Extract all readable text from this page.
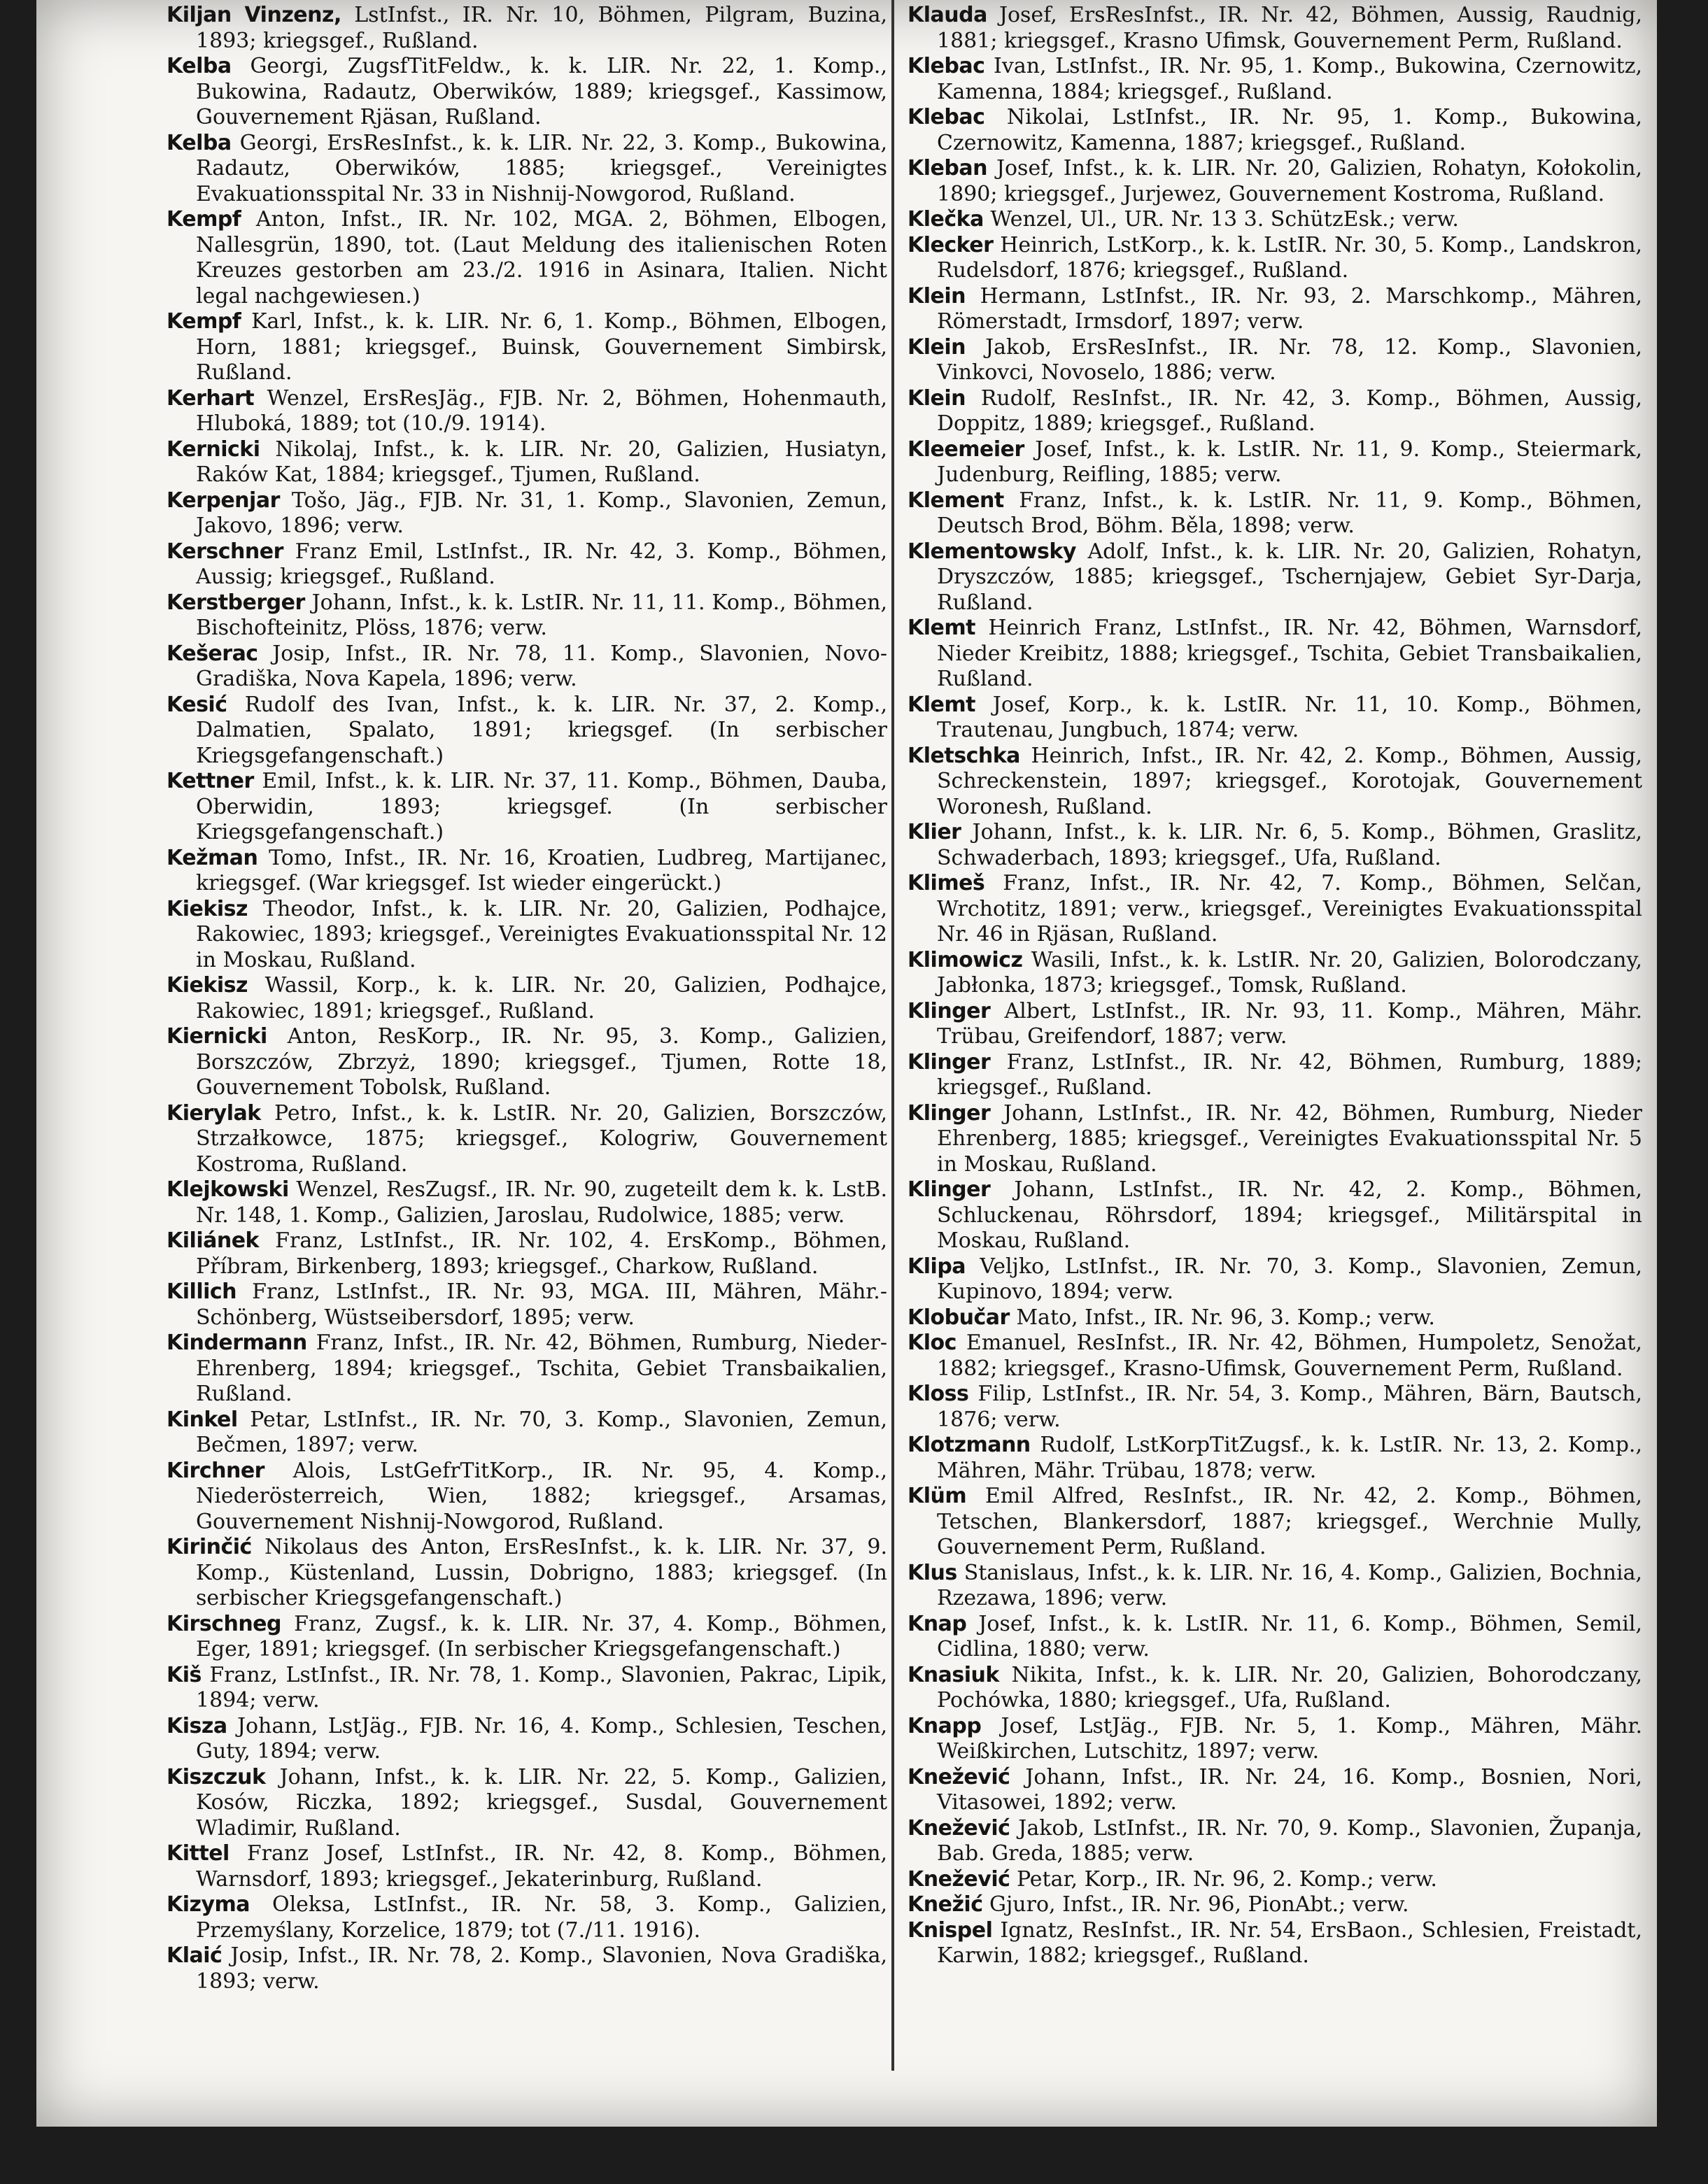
Kiljan Vinzenz, LstInfst., IR. Nr. 10, Böhmen, Pilgram, Buzina, 1893; kriegsgef., Rußland.

Kelba Georgi, ZugsfTitFeldw., k. k. LIR. Nr. 22, 1. Komp., Bukowina, Radautz, Oberwików, 1889; kriegsgef., Kassimow, Gouvernement Rjäsan, Rußland.

Kelba Georgi, ErsResInfst., k. k. LIR. Nr. 22, 3. Komp., Bukowina, Radautz, Oberwików, 1885; kriegsgef., Vereinigtes Evakuationsspital Nr. 33 in Nishnij-Nowgorod, Rußland.

Kempf Anton, Infst., IR. Nr. 102, MGA. 2, Böhmen, Elbogen, Nallesgrün, 1890, tot. (Laut Meldung des italienischen Roten Kreuzes gestorben am 23./2. 1916 in Asinara, Italien. Nicht legal nachgewiesen.)

Kempf Karl, Infst., k. k. LIR. Nr. 6, 1. Komp., Böhmen, Elbogen, Horn, 1881; kriegsgef., Buinsk, Gouvernement Simbirsk, Rußland.

Kerhart Wenzel, ErsResJäg., FJB. Nr. 2, Böhmen, Hohenmauth, Hluboká, 1889; tot (10./9. 1914).

Kernicki Nikolaj, Infst., k. k. LIR. Nr. 20, Galizien, Husiatyn, Raków Kat, 1884; kriegsgef., Tjumen, Rußland.

Kerpenjar Tošo, Jäg., FJB. Nr. 31, 1. Komp., Slavonien, Zemun, Jakovo, 1896; verw.

Kerschner Franz Emil, LstInfst., IR. Nr. 42, 3. Komp., Böhmen, Aussig; kriegsgef., Rußland.

Kerstberger Johann, Infst., k. k. LstIR. Nr. 11, 11. Komp., Böhmen, Bischofteinitz, Plöss, 1876; verw.

Kešerac Josip, Infst., IR. Nr. 78, 11. Komp., Slavonien, Novo-Gradiška, Nova Kapela, 1896; verw.

Kesić Rudolf des Ivan, Infst., k. k. LIR. Nr. 37, 2. Komp., Dalmatien, Spalato, 1891; kriegsgef. (In serbischer Kriegsgefangenschaft.)

Kettner Emil, Infst., k. k. LIR. Nr. 37, 11. Komp., Böhmen, Dauba, Oberwidin, 1893; kriegsgef. (In serbischer Kriegsgefangenschaft.)

Kežman Tomo, Infst., IR. Nr. 16, Kroatien, Ludbreg, Martijanec, kriegsgef. (War kriegsgef. Ist wieder eingerückt.)

Kiekisz Theodor, Infst., k. k. LIR. Nr. 20, Galizien, Podhajce, Rakowiec, 1893; kriegsgef., Vereinigtes Evakuationsspital Nr. 12 in Moskau, Rußland.

Kiekisz Wassil, Korp., k. k. LIR. Nr. 20, Galizien, Podhajce, Rakowiec, 1891; kriegsgef., Rußland.

Kiernicki Anton, ResKorp., IR. Nr. 95, 3. Komp., Galizien, Borszczów, Zbrzyż, 1890; kriegsgef., Tjumen, Rotte 18, Gouvernement Tobolsk, Rußland.

Kierylak Petro, Infst., k. k. LstIR. Nr. 20, Galizien, Borszczów, Strzałkowce, 1875; kriegsgef., Kologriw, Gouvernement Kostroma, Rußland.

Klejkowski Wenzel, ResZugsf., IR. Nr. 90, zugeteilt dem k. k. LstB. Nr. 148, 1. Komp., Galizien, Jaroslau, Rudolwice, 1885; verw.

Kiliánek Franz, LstInfst., IR. Nr. 102, 4. ErsKomp., Böhmen, Příbram, Birkenberg, 1893; kriegsgef., Charkow, Rußland.

Killich Franz, LstInfst., IR. Nr. 93, MGA. III, Mähren, Mähr.-Schönberg, Wüstseibersdorf, 1895; verw.

Kindermann Franz, Infst., IR. Nr. 42, Böhmen, Rumburg, Nieder-Ehrenberg, 1894; kriegsgef., Tschita, Gebiet Transbaikalien, Rußland.

Kinkel Petar, LstInfst., IR. Nr. 70, 3. Komp., Slavonien, Zemun, Bečmen, 1897; verw.

Kirchner Alois, LstGefrTitKorp., IR. Nr. 95, 4. Komp., Niederösterreich, Wien, 1882; kriegsgef., Arsamas, Gouvernement Nishnij-Nowgorod, Rußland.

Kirinčić Nikolaus des Anton, ErsResInfst., k. k. LIR. Nr. 37, 9. Komp., Küstenland, Lussin, Dobrigno, 1883; kriegsgef. (In serbischer Kriegsgefangenschaft.)

Kirschneg Franz, Zugsf., k. k. LIR. Nr. 37, 4. Komp., Böhmen, Eger, 1891; kriegsgef. (In serbischer Kriegsgefangenschaft.)

Kiš Franz, LstInfst., IR. Nr. 78, 1. Komp., Slavonien, Pakrac, Lipik, 1894; verw.

Kisza Johann, LstJäg., FJB. Nr. 16, 4. Komp., Schlesien, Teschen, Guty, 1894; verw.

Kiszczuk Johann, Infst., k. k. LIR. Nr. 22, 5. Komp., Galizien, Kosów, Riczka, 1892; kriegsgef., Susdal, Gouvernement Wladimir, Rußland.

Kittel Franz Josef, LstInfst., IR. Nr. 42, 8. Komp., Böhmen, Warnsdorf, 1893; kriegsgef., Jekaterinburg, Rußland.

Kizyma Oleksa, LstInfst., IR. Nr. 58, 3. Komp., Galizien, Przemyślany, Korzelice, 1879; tot (7./11. 1916).

Klaić Josip, Infst., IR. Nr. 78, 2. Komp., Slavonien, Nova Gradiška, 1893; verw.

Klauda Josef, ErsResInfst., IR. Nr. 42, Böhmen, Aussig, Raudnig, 1881; kriegsgef., Krasno Ufimsk, Gouvernement Perm, Rußland.

Klebac Ivan, LstInfst., IR. Nr. 95, 1. Komp., Bukowina, Czernowitz, Kamenna, 1884; kriegsgef., Rußland.

Klebac Nikolai, LstInfst., IR. Nr. 95, 1. Komp., Bukowina, Czernowitz, Kamenna, 1887; kriegsgef., Rußland.

Kleban Josef, Infst., k. k. LIR. Nr. 20, Galizien, Rohatyn, Kołokolin, 1890; kriegsgef., Jurjewez, Gouvernement Kostroma, Rußland.

Klečka Wenzel, Ul., UR. Nr. 13 3. SchützEsk.; verw.

Klecker Heinrich, LstKorp., k. k. LstIR. Nr. 30, 5. Komp., Landskron, Rudelsdorf, 1876; kriegsgef., Rußland.

Klein Hermann, LstInfst., IR. Nr. 93, 2. Marschkomp., Mähren, Römerstadt, Irmsdorf, 1897; verw.

Klein Jakob, ErsResInfst., IR. Nr. 78, 12. Komp., Slavonien, Vinkovci, Novoselo, 1886; verw.

Klein Rudolf, ResInfst., IR. Nr. 42, 3. Komp., Böhmen, Aussig, Doppitz, 1889; kriegsgef., Rußland.

Kleemeier Josef, Infst., k. k. LstIR. Nr. 11, 9. Komp., Steiermark, Judenburg, Reifling, 1885; verw.

Klement Franz, Infst., k. k. LstIR. Nr. 11, 9. Komp., Böhmen, Deutsch Brod, Böhm. Běla, 1898; verw.

Klementowsky Adolf, Infst., k. k. LIR. Nr. 20, Galizien, Rohatyn, Dryszczów, 1885; kriegsgef., Tschernjajew, Gebiet Syr-Darja, Rußland.

Klemt Heinrich Franz, LstInfst., IR. Nr. 42, Böhmen, Warnsdorf, Nieder Kreibitz, 1888; kriegsgef., Tschita, Gebiet Transbaikalien, Rußland.

Klemt Josef, Korp., k. k. LstIR. Nr. 11, 10. Komp., Böhmen, Trautenau, Jungbuch, 1874; verw.

Kletschka Heinrich, Infst., IR. Nr. 42, 2. Komp., Böhmen, Aussig, Schreckenstein, 1897; kriegsgef., Korotojak, Gouvernement Woronesh, Rußland.

Klier Johann, Infst., k. k. LIR. Nr. 6, 5. Komp., Böhmen, Graslitz, Schwaderbach, 1893; kriegsgef., Ufa, Rußland.

Klimeš Franz, Infst., IR. Nr. 42, 7. Komp., Böhmen, Selčan, Wrchotitz, 1891; verw., kriegsgef., Vereinigtes Evakuationsspital Nr. 46 in Rjäsan, Rußland.

Klimowicz Wasili, Infst., k. k. LstIR. Nr. 20, Galizien, Bolorodczany, Jabłonka, 1873; kriegsgef., Tomsk, Rußland.

Klinger Albert, LstInfst., IR. Nr. 93, 11. Komp., Mähren, Mähr. Trübau, Greifendorf, 1887; verw.

Klinger Franz, LstInfst., IR. Nr. 42, Böhmen, Rumburg, 1889; kriegsgef., Rußland.

Klinger Johann, LstInfst., IR. Nr. 42, Böhmen, Rumburg, Nieder Ehrenberg, 1885; kriegsgef., Vereinigtes Evakuationsspital Nr. 5 in Moskau, Rußland.

Klinger Johann, LstInfst., IR. Nr. 42, 2. Komp., Böhmen, Schluckenau, Röhrsdorf, 1894; kriegsgef., Militärspital in Moskau, Rußland.

Klipa Veljko, LstInfst., IR. Nr. 70, 3. Komp., Slavonien, Zemun, Kupinovo, 1894; verw.

Klobučar Mato, Infst., IR. Nr. 96, 3. Komp.; verw.

Kloc Emanuel, ResInfst., IR. Nr. 42, Böhmen, Humpoletz, Senožat, 1882; kriegsgef., Krasno-Ufimsk, Gouvernement Perm, Rußland.

Kloss Filip, LstInfst., IR. Nr. 54, 3. Komp., Mähren, Bärn, Bautsch, 1876; verw.

Klotzmann Rudolf, LstKorpTitZugsf., k. k. LstIR. Nr. 13, 2. Komp., Mähren, Mähr. Trübau, 1878; verw.

Klüm Emil Alfred, ResInfst., IR. Nr. 42, 2. Komp., Böhmen, Tetschen, Blankersdorf, 1887; kriegsgef., Werchnie Mully, Gouvernement Perm, Rußland.

Klus Stanislaus, Infst., k. k. LIR. Nr. 16, 4. Komp., Galizien, Bochnia, Rzezawa, 1896; verw.

Knap Josef, Infst., k. k. LstIR. Nr. 11, 6. Komp., Böhmen, Semil, Cidlina, 1880; verw.

Knasiuk Nikita, Infst., k. k. LIR. Nr. 20, Galizien, Bohorodczany, Pochówka, 1880; kriegsgef., Ufa, Rußland.

Knapp Josef, LstJäg., FJB. Nr. 5, 1. Komp., Mähren, Mähr. Weißkirchen, Lutschitz, 1897; verw.

Knežević Johann, Infst., IR. Nr. 24, 16. Komp., Bosnien, Nori, Vitasowei, 1892; verw.

Knežević Jakob, LstInfst., IR. Nr. 70, 9. Komp., Slavonien, Županja, Bab. Greda, 1885; verw.

Knežević Petar, Korp., IR. Nr. 96, 2. Komp.; verw.

Knežić Gjuro, Infst., IR. Nr. 96, PionAbt.; verw.

Knispel Ignatz, ResInfst., IR. Nr. 54, ErsBaon., Schlesien, Freistadt, Karwin, 1882; kriegsgef., Rußland.
